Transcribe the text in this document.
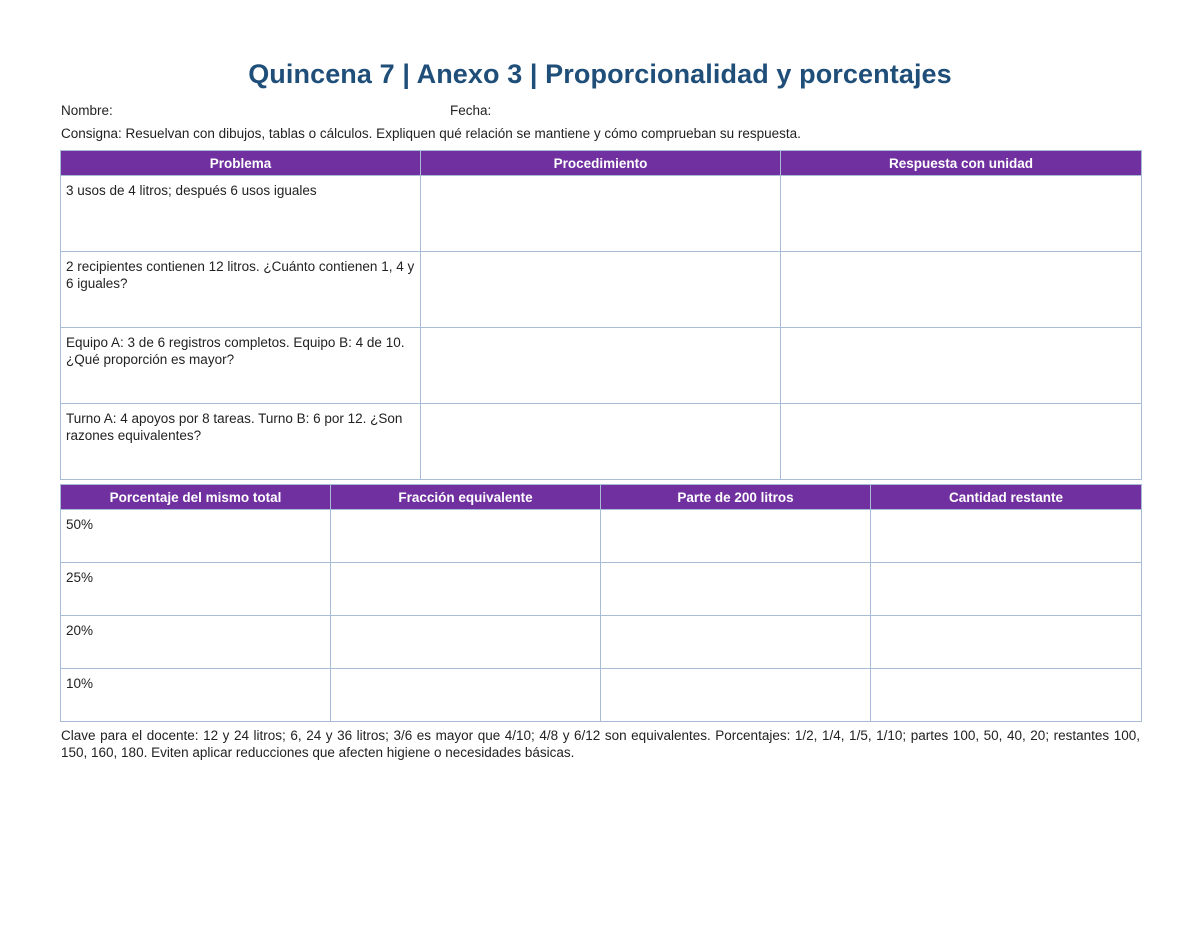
Quincena 7 | Anexo 3 | Proporcionalidad y porcentajes
Nombre:	Fecha:
Consigna: Resuelvan con dibujos, tablas o cálculos. Expliquen qué relación se mantiene y cómo comprueban su respuesta.
Problema	Procedimiento	Respuesta con unidad
3 usos de 4 litros; después 6 usos iguales		
2 recipientes contienen 12 litros. ¿Cuánto contienen 1, 4 y 6 iguales?		
Equipo A: 3 de 6 registros completos. Equipo B: 4 de 10. ¿Qué proporción es mayor?		
Turno A: 4 apoyos por 8 tareas. Turno B: 6 por 12. ¿Son razones equivalentes?		
Porcentaje del mismo total	Fracción equivalente	Parte de 200 litros	Cantidad restante
50%			
25%			
20%			
10%			
Clave para el docente: 12 y 24 litros; 6, 24 y 36 litros; 3/6 es mayor que 4/10; 4/8 y 6/12 son equivalentes. Porcentajes: 1/2, 1/4, 1/5, 1/10; partes 100, 50, 40, 20; restantes 100, 150, 160, 180. Eviten aplicar reducciones que afecten higiene o necesidades básicas.
